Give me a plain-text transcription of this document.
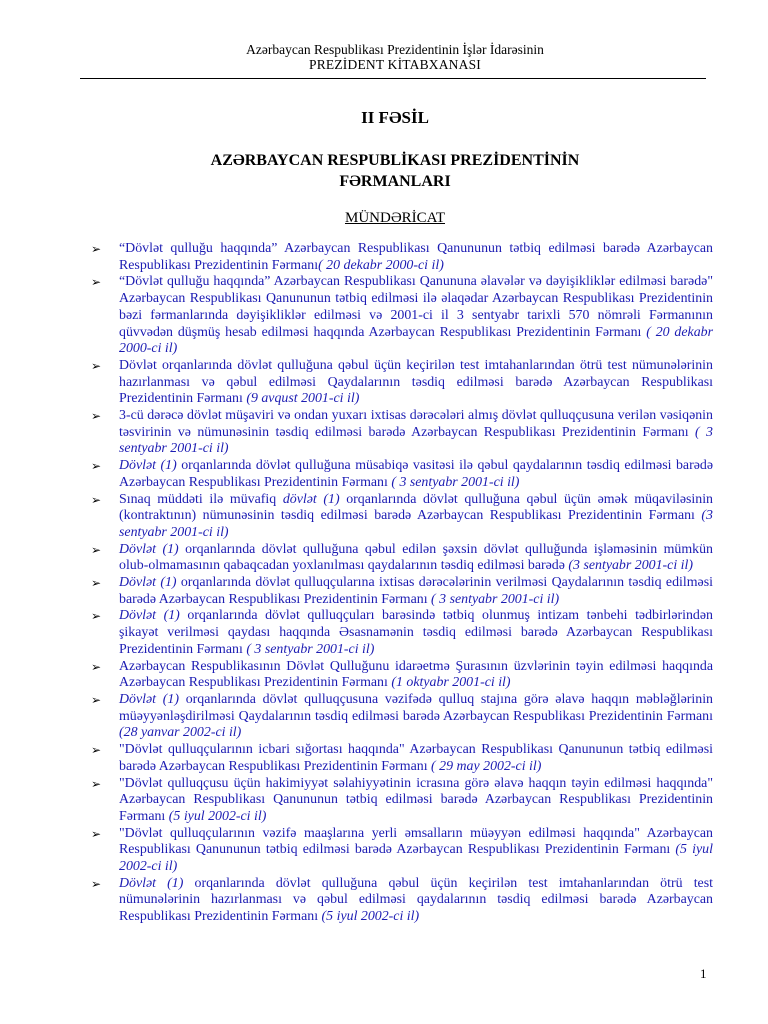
Azərbaycan Respublikası Prezidentinin İşlər İdarəsinin
PREZİDENT KİTABXANASI
II FƏSİL
AZƏRBAYCAN RESPUBLİKASI PREZİDENTİNİN
FƏRMANLARI
MÜNDƏRİCAT
➢ “Dövlət qulluğu haqqında” Azərbaycan Respublikası Qanununun tətbiq edilməsi barədə Azərbaycan Respublikası Prezidentinin Fərmanı( 20 dekabr 2000-ci il)
➢ “Dövlət qulluğu haqqında” Azərbaycan Respublikası Qanununa əlavələr və dəyişikliklər edilməsi barədə" Azərbaycan Respublikası Qanununun tətbiq edilməsi ilə əlaqədar Azərbaycan Respublikası Prezidentinin bəzi fərmanlarında dəyişikliklər edilməsi və 2001-ci il 3 sentyabr tarixli 570 nömrəli Fərmanının qüvvədən düşmüş hesab edilməsi haqqında Azərbaycan Respublikası Prezidentinin Fərmanı ( 20 dekabr 2000-ci il)
➢ Dövlət orqanlarında dövlət qulluğuna qəbul üçün keçirilən test imtahanlarından ötrü test nümunələrinin hazırlanması və qəbul edilməsi Qaydalarının təsdiq edilməsi barədə Azərbaycan Respublikası Prezidentinin Fərmanı (9 avqust 2001-ci il)
➢ 3-cü dərəcə dövlət müşaviri və ondan yuxarı ixtisas dərəcələri almış dövlət qulluqçusuna verilən vəsiqənin təsvirinin və nümunəsinin təsdiq edilməsi barədə Azərbaycan Respublikası Prezidentinin Fərmanı ( 3 sentyabr 2001-ci il)
➢ Dövlət (1) orqanlarında dövlət qulluğuna müsabiqə vasitəsi ilə qəbul qaydalarının təsdiq edilməsi barədə Azərbaycan Respublikası Prezidentinin Fərmanı ( 3 sentyabr 2001-ci il)
➢ Sınaq müddəti ilə müvafiq dövlət (1) orqanlarında dövlət qulluğuna qəbul üçün əmək müqaviləsinin (kontraktının) nümunəsinin təsdiq edilməsi barədə Azərbaycan Respublikası Prezidentinin Fərmanı (3 sentyabr 2001-ci il)
➢ Dövlət (1) orqanlarında dövlət qulluğuna qəbul edilən şəxsin dövlət qulluğunda işləməsinin mümkün olub-olmamasının qabaqcadan yoxlanılması qaydalarının təsdiq edilməsi barədə (3 sentyabr 2001-ci il)
➢ Dövlət (1) orqanlarında dövlət qulluqçularına ixtisas dərəcələrinin verilməsi Qaydalarının təsdiq edilməsi barədə Azərbaycan Respublikası Prezidentinin Fərmanı ( 3 sentyabr 2001-ci il)
➢ Dövlət (1) orqanlarında dövlət qulluqçuları barəsində tətbiq olunmuş intizam tənbehi tədbirlərindən şikayət verilməsi qaydası haqqında Əsasnamənin təsdiq edilməsi barədə Azərbaycan Respublikası Prezidentinin Fərmanı ( 3 sentyabr 2001-ci il)
➢ Azərbaycan Respublikasının Dövlət Qulluğunu idarəetmə Şurasının üzvlərinin təyin edilməsi haqqında Azərbaycan Respublikası Prezidentinin Fərmanı (1 oktyabr 2001-ci il)
➢ Dövlət (1) orqanlarında dövlət qulluqçusuna vəzifədə qulluq stajına görə əlavə haqqın məbləğlərinin müəyyənləşdirilməsi Qaydalarının təsdiq edilməsi barədə Azərbaycan Respublikası Prezidentinin Fərmanı (28 yanvar 2002-ci il)
➢ "Dövlət qulluqçularının icbari sığortası haqqında" Azərbaycan Respublikası Qanununun tətbiq edilməsi barədə Azərbaycan Respublikası Prezidentinin Fərmanı ( 29 may 2002-ci il)
➢ "Dövlət qulluqçusu üçün hakimiyyət səlahiyyətinin icrasına görə əlavə haqqın təyin edilməsi haqqında" Azərbaycan Respublikası Qanununun tətbiq edilməsi barədə Azərbaycan Respublikası Prezidentinin Fərmanı (5 iyul 2002-ci il)
➢ "Dövlət qulluqçularının vəzifə maaşlarına yerli əmsalların müəyyən edilməsi haqqında" Azərbaycan Respublikası Qanununun tətbiq edilməsi barədə Azərbaycan Respublikası Prezidentinin Fərmanı (5 iyul 2002-ci il)
➢ Dövlət (1) orqanlarında dövlət qulluğuna qəbul üçün keçirilən test imtahanlarından ötrü test nümunələrinin hazırlanması və qəbul edilməsi qaydalarının təsdiq edilməsi barədə Azərbaycan Respublikası Prezidentinin Fərmanı (5 iyul 2002-ci il)
1
